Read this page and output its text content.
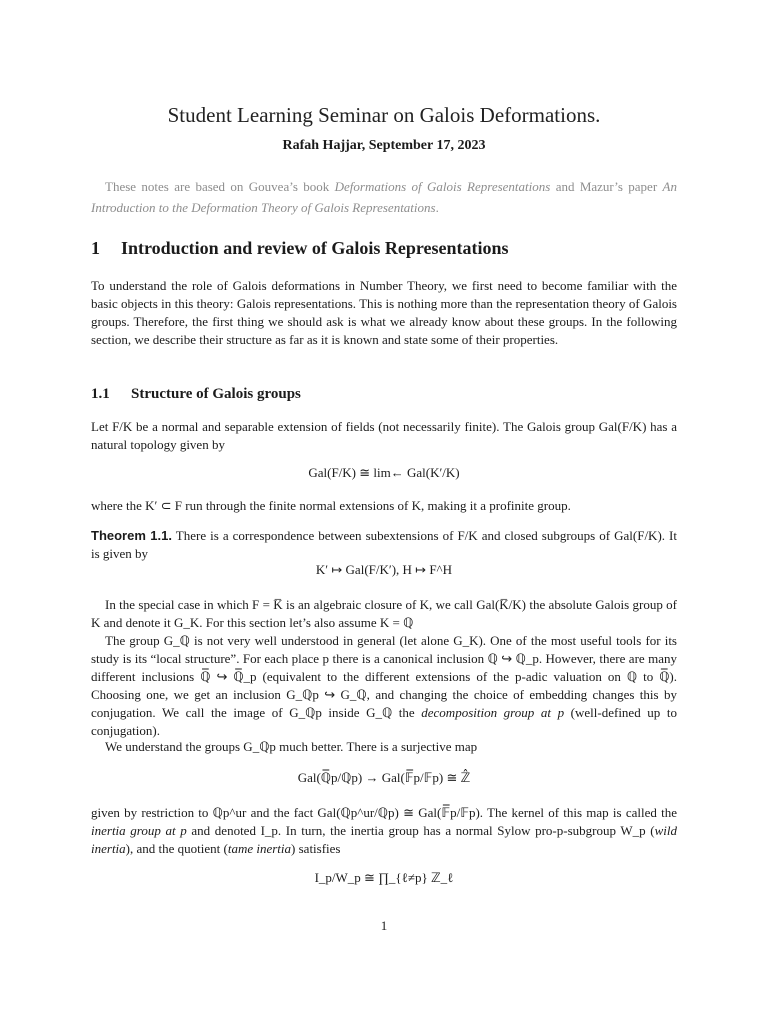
Student Learning Seminar on Galois Deformations.
Rafah Hajjar, September 17, 2023
These notes are based on Gouvea’s book Deformations of Galois Representations and Mazur’s paper An Introduction to the Deformation Theory of Galois Representations.
1 Introduction and review of Galois Representations
To understand the role of Galois deformations in Number Theory, we first need to become familiar with the basic objects in this theory: Galois representations. This is nothing more than the representation theory of Galois groups. Therefore, the first thing we should ask is what we already know about these groups. In the following section, we describe their structure as far as it is known and state some of their properties.
1.1 Structure of Galois groups
Let F/K be a normal and separable extension of fields (not necessarily finite). The Galois group Gal(F/K) has a natural topology given by
Gal(F/K) ≅ lim← Gal(K′/K)
where the K′ ⊂ F run through the finite normal extensions of K, making it a profinite group.
Theorem 1.1. There is a correspondence between subextensions of F/K and closed subgroups of Gal(F/K). It is given by
K′ ↦ Gal(F/K′), H ↦ F^H
In the special case in which F = K̅ is an algebraic closure of K, we call Gal(K̅/K) the absolute Galois group of K and denote it G_K. For this section let’s also assume K = ℚ
The group G_ℚ is not very well understood in general (let alone G_K). One of the most useful tools for its study is its “local structure”. For each place p there is a canonical inclusion ℚ ↪ ℚ_p. However, there are many different inclusions ℚ̅ ↪ ℚ̅_p (equivalent to the different extensions of the p-adic valuation on ℚ to ℚ̅). Choosing one, we get an inclusion G_ℚp ↪ G_ℚ, and changing the choice of embedding changes this by conjugation. We call the image of G_ℚp inside G_ℚ the decomposition group at p (well-defined up to conjugation).
We understand the groups G_ℚp much better. There is a surjective map
Gal(ℚ̅p/ℚp) → Gal(𝔽̅p/𝔽p) ≅ ℤ̂
given by restriction to ℚp^ur and the fact Gal(ℚp^ur/ℚp) ≅ Gal(𝔽̅p/𝔽p). The kernel of this map is called the inertia group at p and denoted I_p. In turn, the inertia group has a normal Sylow pro-p-subgroup W_p (wild inertia), and the quotient (tame inertia) satisfies
I_p/W_p ≅ ∏_{ℓ≠p} ℤ_ℓ
1
